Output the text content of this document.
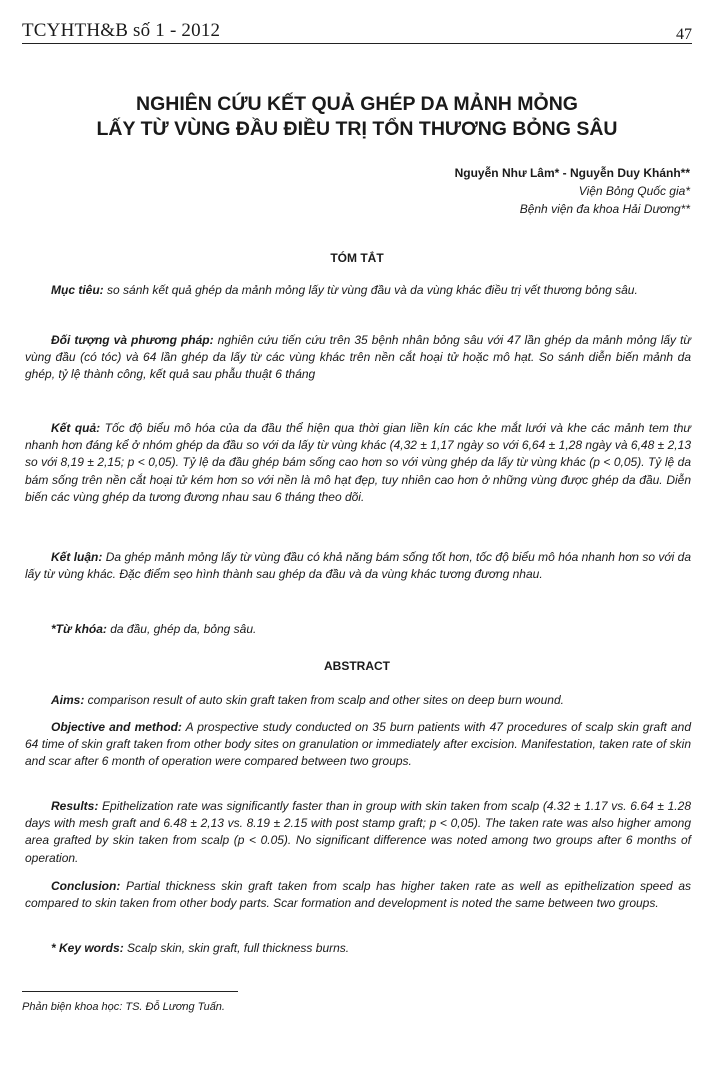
TCYHTH&B số 1 - 2012	47
NGHIÊN CỨU KẾT QUẢ GHÉP DA MẢNH MỎNG
LẤY TỪ VÙNG ĐẦU ĐIỀU TRỊ TỔN THƯƠNG BỎNG SÂU
Nguyễn Như Lâm* - Nguyễn Duy Khánh**
Viện Bỏng Quốc gia*
Bệnh viện đa khoa Hải Dương**
TÓM TẮT
Mục tiêu: so sánh kết quả ghép da mảnh mỏng lấy từ vùng đầu và da vùng khác điều trị vết thương bỏng sâu.
Đối tượng và phương pháp: nghiên cứu tiến cứu trên 35 bệnh nhân bỏng sâu với 47 lần ghép da mảnh mỏng lấy từ vùng đầu (có tóc) và 64 lần ghép da lấy từ các vùng khác trên nền cắt hoại tử hoặc mô hạt. So sánh diễn biến mảnh da ghép, tỷ lệ thành công, kết quả sau phẫu thuật 6 tháng
Kết quả: Tốc độ biểu mô hóa của da đầu thể hiện qua thời gian liền kín các khe mắt lưới và khe các mảnh tem thư nhanh hơn đáng kể ở nhóm ghép da đầu so với da lấy từ vùng khác (4,32 ± 1,17 ngày so với 6,64 ± 1,28 ngày và 6,48 ± 2,13 so với 8,19 ± 2,15; p < 0,05). Tỷ lệ da đầu ghép bám sống cao hơn so với vùng ghép da lấy từ vùng khác (p < 0,05). Tỷ lệ da bám sống trên nền cắt hoại tử kém hơn so với nền là mô hạt đẹp, tuy nhiên cao hơn ở những vùng được ghép da đầu. Diễn biến các vùng ghép da tương đương nhau sau 6 tháng theo dõi.
Kết luận: Da ghép mảnh mỏng lấy từ vùng đầu có khả năng bám sống tốt hơn, tốc độ biểu mô hóa nhanh hơn so với da lấy từ vùng khác. Đặc điểm sẹo hình thành sau ghép da đầu và da vùng khác tương đương nhau.
*Từ khóa: da đầu, ghép da, bỏng sâu.
ABSTRACT
Aims: comparison result of auto skin graft taken from scalp and other sites on deep burn wound.
Objective and method: A prospective study conducted on 35 burn patients with 47 procedures of scalp skin graft and 64 time of skin graft taken from other body sites on granulation or immediately after excision. Manifestation, taken rate of skin and scar after 6 month of operation were compared between two groups.
Results: Epithelization rate was significantly faster than in group with skin taken from scalp (4.32 ± 1.17 vs. 6.64 ± 1.28 days with mesh graft and 6.48 ± 2,13 vs. 8.19 ± 2.15 with post stamp graft; p < 0,05). The taken rate was also higher among area grafted by skin taken from scalp (p < 0.05). No significant difference was noted among two groups after 6 months of operation.
Conclusion: Partial thickness skin graft taken from scalp has higher taken rate as well as epithelization speed as compared to skin taken from other body parts. Scar formation and development is noted the same between two groups.
* Key words: Scalp skin, skin graft, full thickness burns.
Phản biện khoa học: TS. Đỗ Lương Tuấn.
